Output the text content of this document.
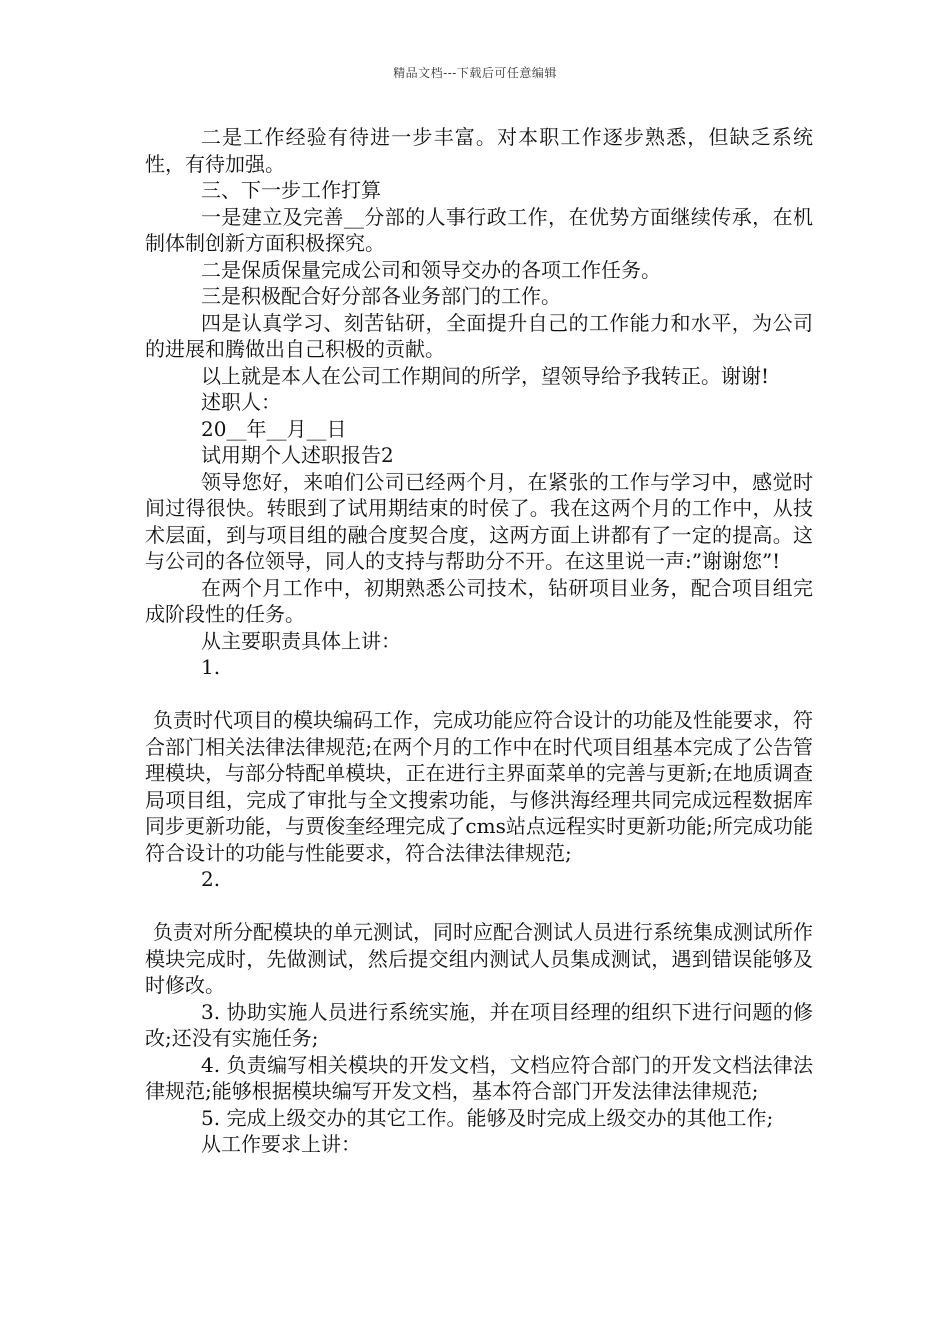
精品文档---下载后可任意编辑

二是工作经验有待进一步丰富。对本职工作逐步熟悉，但缺乏系统性，有待加强。

三、下一步工作打算

一是建立及完善__分部的人事行政工作，在优势方面继续传承，在机制体制创新方面积极探究。

二是保质保量完成公司和领导交办的各项工作任务。

三是积极配合好分部各业务部门的工作。

四是认真学习、刻苦钻研，全面提升自己的工作能力和水平，为公司的进展和腾做出自己积极的贡献。

以上就是本人在公司工作期间的所学，望领导给予我转正。谢谢!

述职人：

20__年__月__日

试用期个人述职报告2

领导您好，来咱们公司已经两个月，在紧张的工作与学习中，感觉时间过得很快。转眼到了试用期结束的时侯了。我在这两个月的工作中，从技术层面，到与项目组的融合度契合度，这两方面上讲都有了一定的提高。这与公司的各位领导，同人的支持与帮助分不开。在这里说一声:”谢谢您”!

在两个月工作中，初期熟悉公司技术，钻研项目业务，配合项目组完成阶段性的任务。

从主要职责具体上讲：

1.

负责时代项目的模块编码工作，完成功能应符合设计的功能及性能要求，符合部门相关法律法律规范;在两个月的工作中在时代项目组基本完成了公告管理模块，与部分特配单模块，正在进行主界面菜单的完善与更新;在地质调查局项目组，完成了审批与全文搜索功能，与修洪海经理共同完成远程数据库同步更新功能，与贾俊奎经理完成了cms站点远程实时更新功能;所完成功能符合设计的功能与性能要求，符合法律法律规范;

2.

负责对所分配模块的单元测试，同时应配合测试人员进行系统集成测试所作模块完成时，先做测试，然后提交组内测试人员集成测试，遇到错误能够及时修改。

3. 协助实施人员进行系统实施，并在项目经理的组织下进行问题的修改;还没有实施任务;

4. 负责编写相关模块的开发文档，文档应符合部门的开发文档法律法律规范;能够根据模块编写开发文档，基本符合部门开发法律法律规范;

5. 完成上级交办的其它工作。能够及时完成上级交办的其他工作;

从工作要求上讲：
